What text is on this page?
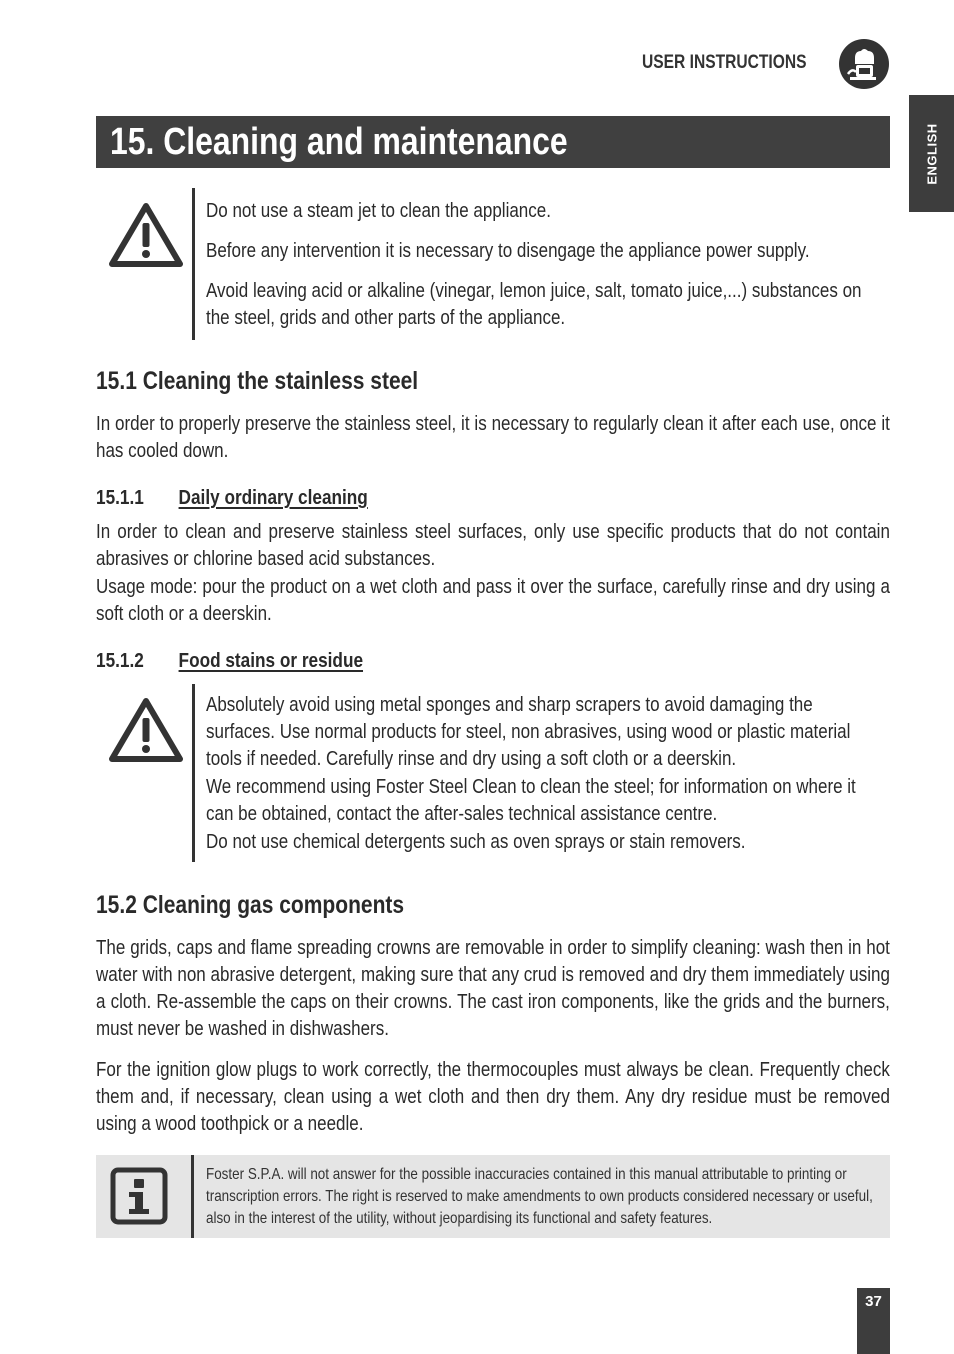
USER INSTRUCTIONS
ENGLISH
15. Cleaning and maintenance
Do not use a steam jet to clean the appliance.
Before any intervention it is necessary to disengage the appliance power supply.
Avoid leaving acid or alkaline (vinegar, lemon juice, salt, tomato juice,...) substances on the steel, grids and other parts of the appliance.
15.1 Cleaning the stainless steel
In order to properly preserve the stainless steel, it is necessary to regularly clean it after each use, once it has cooled down.
15.1.1 Daily ordinary cleaning
In order to clean and preserve stainless steel surfaces, only use specific products that do not contain abrasives or chlorine based acid substances.
Usage mode: pour the product on a wet cloth and pass it over the surface, carefully rinse and dry using a soft cloth or a deerskin.
15.1.2 Food stains or residue
Absolutely avoid using metal sponges and sharp scrapers to avoid damaging the surfaces. Use normal products for steel, non abrasives, using wood or plastic material tools if needed. Carefully rinse and dry using a soft cloth or a deerskin.
We recommend using Foster Steel Clean to clean the steel; for information on where it can be obtained, contact the after-sales technical assistance centre.
Do not use chemical detergents such as oven sprays or stain removers.
15.2 Cleaning gas components
The grids, caps and flame spreading crowns are removable in order to simplify cleaning: wash then in hot water with non abrasive detergent, making sure that any crud is removed and dry them immediately using a cloth. Re-assemble the caps on their crowns. The cast iron components, like the grids and the burners, must never be washed in dishwashers.
For the ignition glow plugs to work correctly, the thermocouples must always be clean. Frequently check them and, if necessary, clean using a wet cloth and then dry them. Any dry residue must be removed using a wood toothpick or a needle.
Foster S.P.A. will not answer for the possible inaccuracies contained in this manual attributable to printing or transcription errors. The right is reserved to make amendments to own products considered necessary or useful, also in the interest of the utility, without jeopardising its functional and safety features.
37
